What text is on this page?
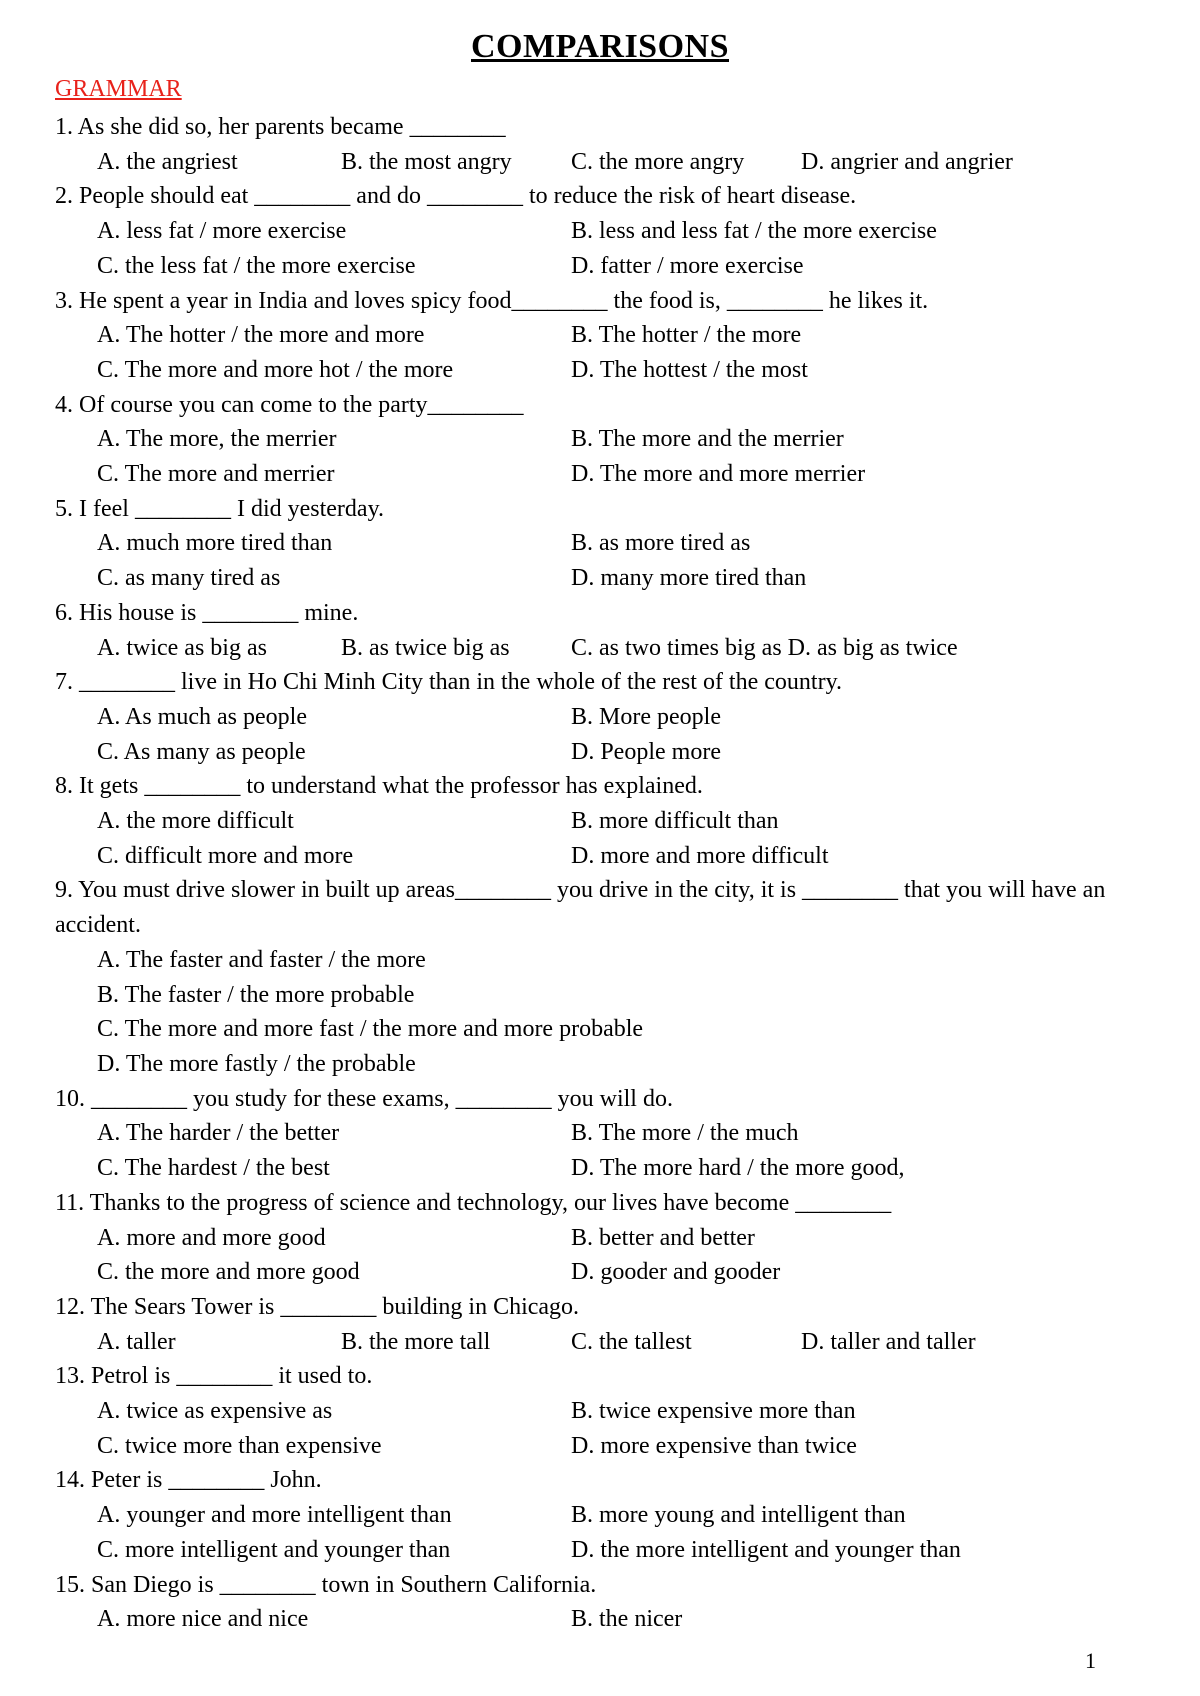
COMPARISONS
GRAMMAR
1. As she did so, her parents became ________
A. the angriest	B. the most angry	C. the more angry	D. angrier and angrier
2. People should eat ________ and do ________ to reduce the risk of heart disease.
A. less fat / more exercise	B. less and less fat / the more exercise
C. the less fat / the more exercise	D. fatter / more exercise
3. He spent a year in India and loves spicy food________ the food is, ________ he likes it.
A. The hotter / the more and more	B. The hotter / the more
C. The more and more hot / the more	D. The hottest / the most
4. Of course you can come to the party________
A. The more, the merrier	B. The more and the merrier
C. The more and merrier	D. The more and more merrier
5. I feel ________ I did yesterday.
A. much more tired than	B. as more tired as
C. as many tired as	D. many more tired than
6. His house is ________ mine.
A. twice as big as	B. as twice big as	C. as two times big as D. as big as twice
7. ________ live in Ho Chi Minh City than in the whole of the rest of the country.
A. As much as people	B. More people
C. As many as people	D. People more
8. It gets ________ to understand what the professor has explained.
A. the more difficult	B. more difficult than
C. difficult more and more	D. more and more difficult
9. You must drive slower in built up areas________ you drive in the city, it is ________ that you will have an accident.
A. The faster and faster / the more
B. The faster / the more probable
C. The more and more fast / the more and more probable
D. The more fastly / the probable
10. ________ you study for these exams, ________ you will do.
A. The harder / the better	B. The more / the much
C. The hardest / the best	D. The more hard / the more good,
11. Thanks to the progress of science and technology, our lives have become ________
A. more and more good	B. better and better
C. the more and more good	D. gooder and gooder
12. The Sears Tower is ________ building in Chicago.
A. taller	B. the more tall	C. the tallest	D. taller and taller
13. Petrol is ________ it used to.
A. twice as expensive as	B. twice expensive more than
C. twice more than expensive	D. more expensive than twice
14. Peter is ________ John.
A. younger and more intelligent than	B. more young and intelligent than
C. more intelligent and younger than	D. the more intelligent and younger than
15. San Diego is ________ town in Southern California.
A. more nice and nice	B. the nicer
1
